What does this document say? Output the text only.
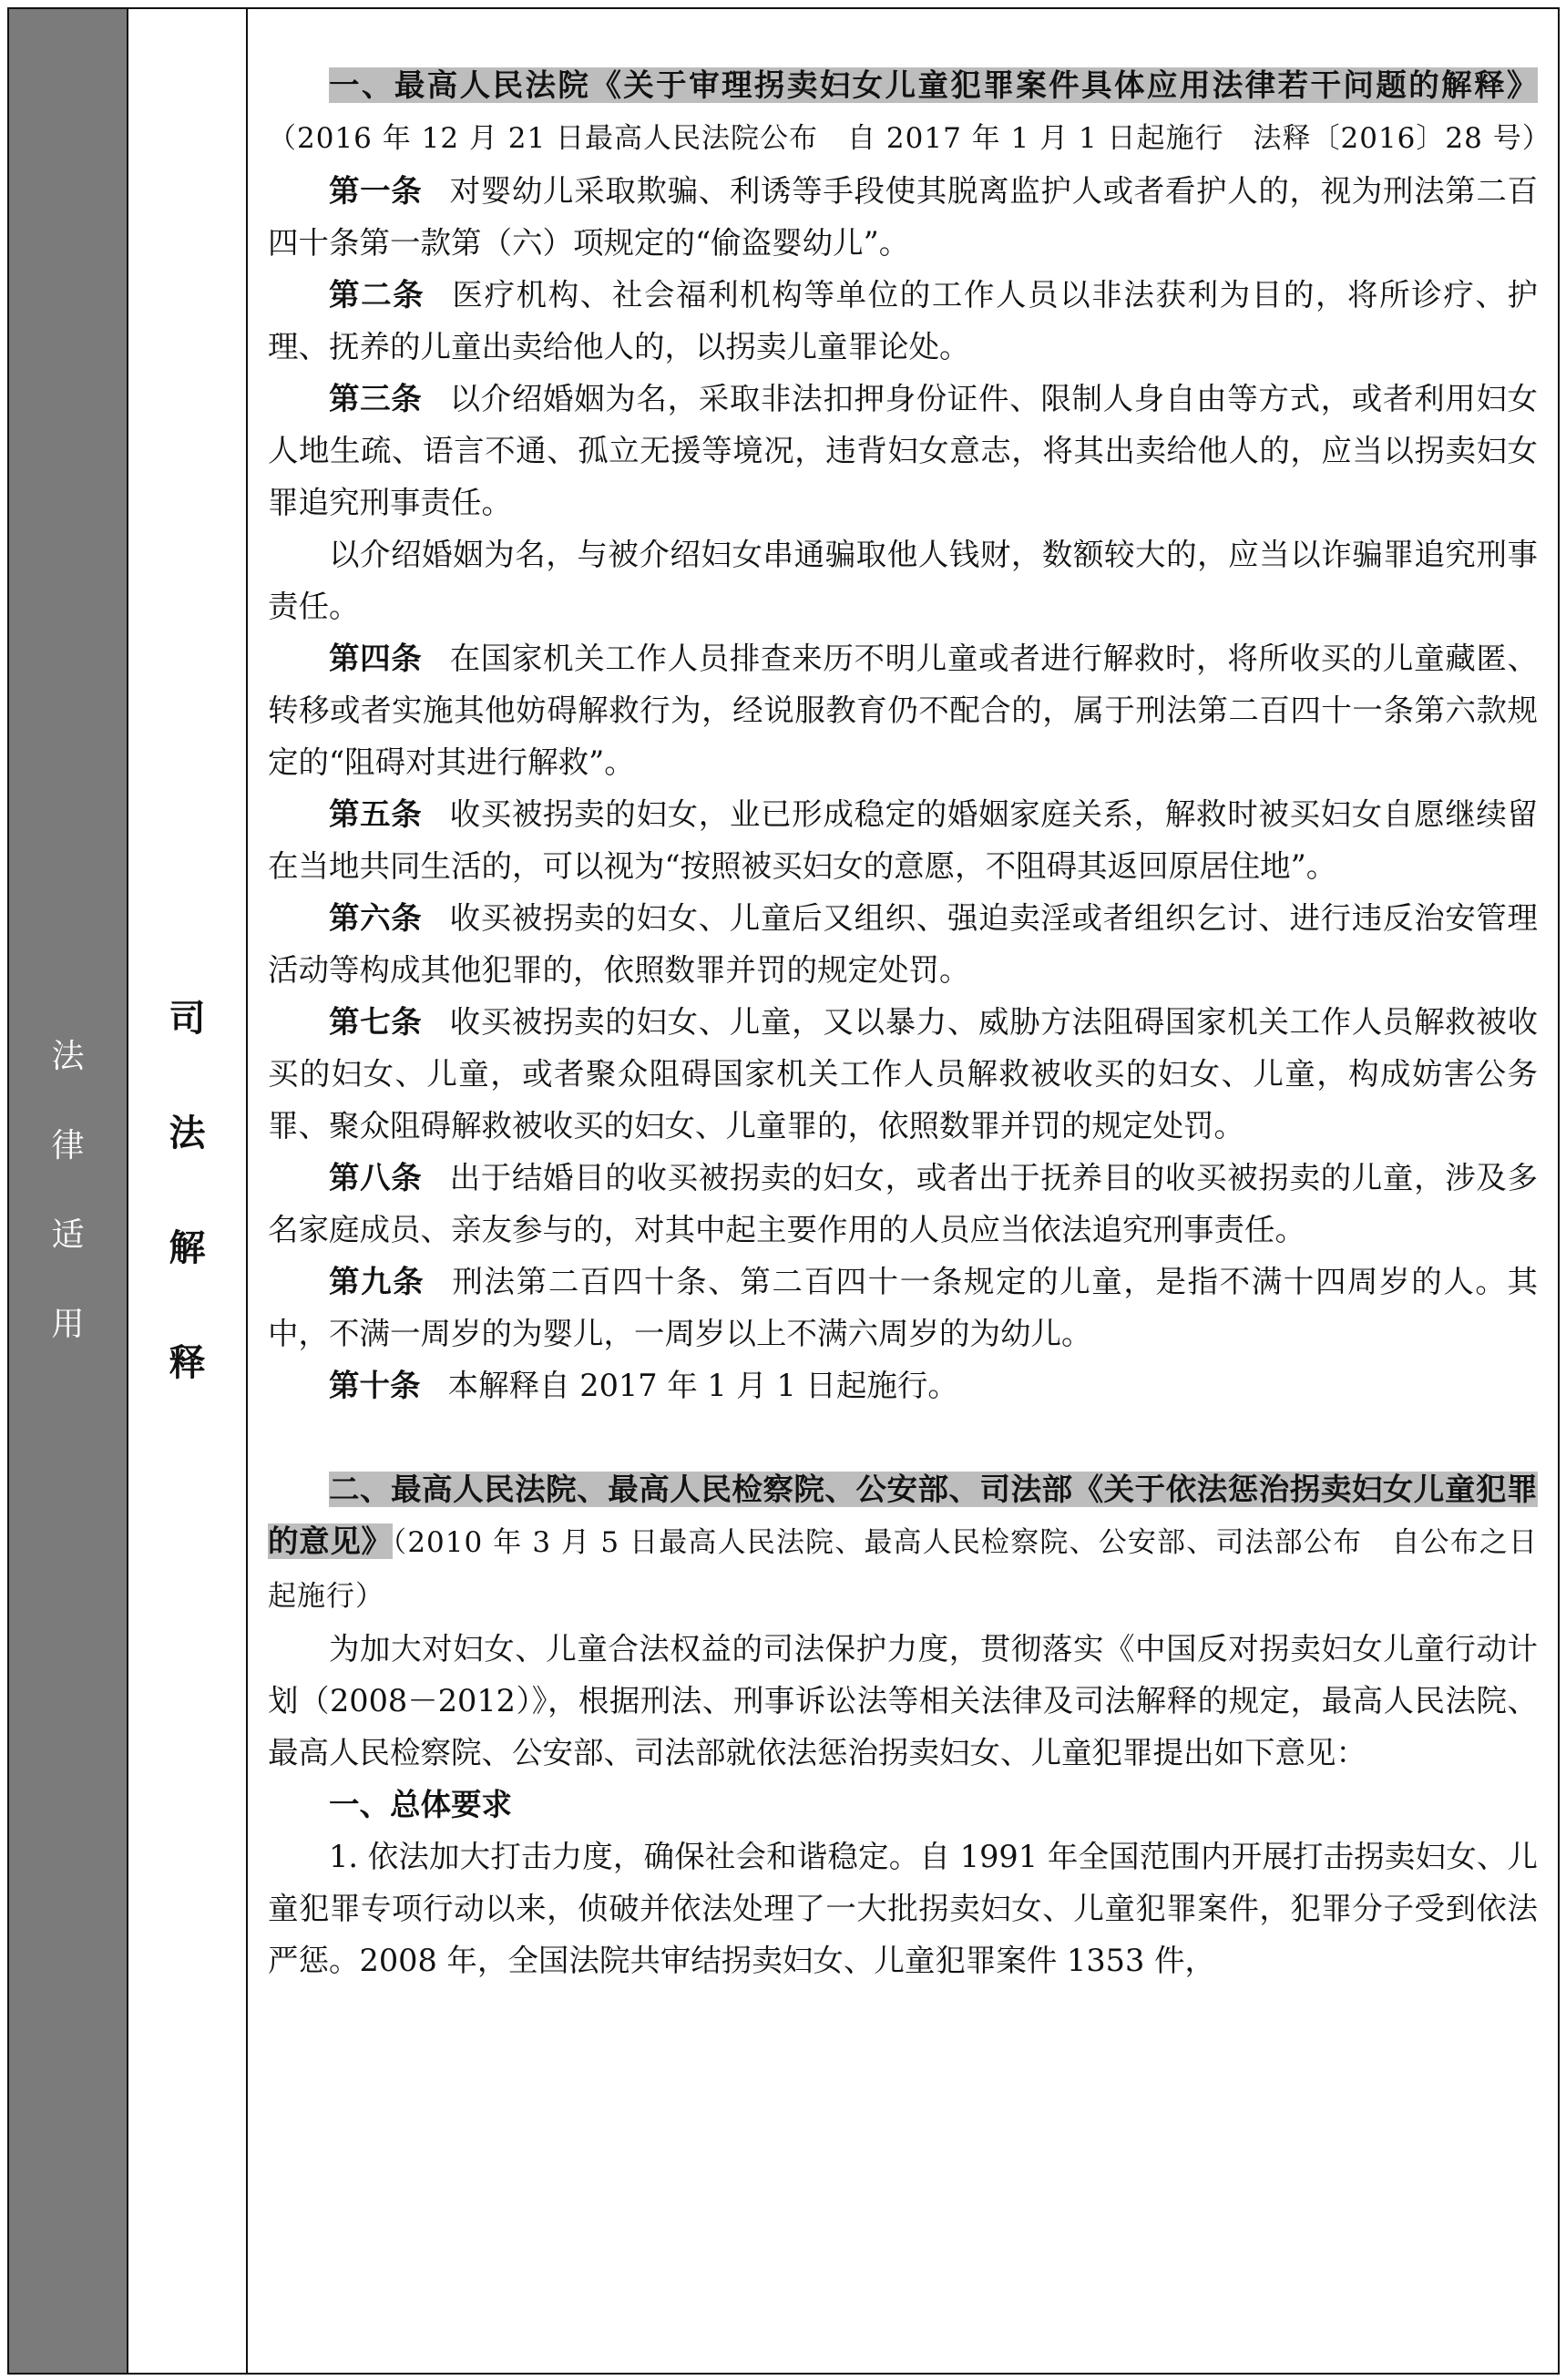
法
律
适
用
司
法
解
释

一、最高人民法院《关于审理拐卖妇女儿童犯罪案件具体应用法律若干问题的解释》（2016 年 12 月 21 日最高人民法院公布　自 2017 年 1 月 1 日起施行　法释〔2016〕28 号）

第一条 对婴幼儿采取欺骗、利诱等手段使其脱离监护人或者看护人的，视为刑法第二百四十条第一款第（六）项规定的“偷盗婴幼儿”。

第二条 医疗机构、社会福利机构等单位的工作人员以非法获利为目的，将所诊疗、护理、抚养的儿童出卖给他人的，以拐卖儿童罪论处。

第三条 以介绍婚姻为名，采取非法扣押身份证件、限制人身自由等方式，或者利用妇女人地生疏、语言不通、孤立无援等境况，违背妇女意志，将其出卖给他人的，应当以拐卖妇女罪追究刑事责任。

以介绍婚姻为名，与被介绍妇女串通骗取他人钱财，数额较大的，应当以诈骗罪追究刑事责任。

第四条 在国家机关工作人员排查来历不明儿童或者进行解救时，将所收买的儿童藏匿、转移或者实施其他妨碍解救行为，经说服教育仍不配合的，属于刑法第二百四十一条第六款规定的“阻碍对其进行解救”。

第五条 收买被拐卖的妇女，业已形成稳定的婚姻家庭关系，解救时被买妇女自愿继续留在当地共同生活的，可以视为“按照被买妇女的意愿，不阻碍其返回原居住地”。

第六条 收买被拐卖的妇女、儿童后又组织、强迫卖淫或者组织乞讨、进行违反治安管理活动等构成其他犯罪的，依照数罪并罚的规定处罚。

第七条 收买被拐卖的妇女、儿童，又以暴力、威胁方法阻碍国家机关工作人员解救被收买的妇女、儿童，或者聚众阻碍国家机关工作人员解救被收买的妇女、儿童，构成妨害公务罪、聚众阻碍解救被收买的妇女、儿童罪的，依照数罪并罚的规定处罚。

第八条 出于结婚目的收买被拐卖的妇女，或者出于抚养目的收买被拐卖的儿童，涉及多名家庭成员、亲友参与的，对其中起主要作用的人员应当依法追究刑事责任。

第九条 刑法第二百四十条、第二百四十一条规定的儿童，是指不满十四周岁的人。其中，不满一周岁的为婴儿，一周岁以上不满六周岁的为幼儿。

第十条 本解释自 2017 年 1 月 1 日起施行。

二、最高人民法院、最高人民检察院、公安部、司法部《关于依法惩治拐卖妇女儿童犯罪的意见》（2010 年 3 月 5 日最高人民法院、最高人民检察院、公安部、司法部公布　自公布之日起施行）

为加大对妇女、儿童合法权益的司法保护力度，贯彻落实《中国反对拐卖妇女儿童行动计划（2008－2012）》，根据刑法、刑事诉讼法等相关法律及司法解释的规定，最高人民法院、最高人民检察院、公安部、司法部就依法惩治拐卖妇女、儿童犯罪提出如下意见：

一、总体要求

1. 依法加大打击力度，确保社会和谐稳定。自 1991 年全国范围内开展打击拐卖妇女、儿童犯罪专项行动以来，侦破并依法处理了一大批拐卖妇女、儿童犯罪案件，犯罪分子受到依法严惩。2008 年，全国法院共审结拐卖妇女、儿童犯罪案件 1353 件，
